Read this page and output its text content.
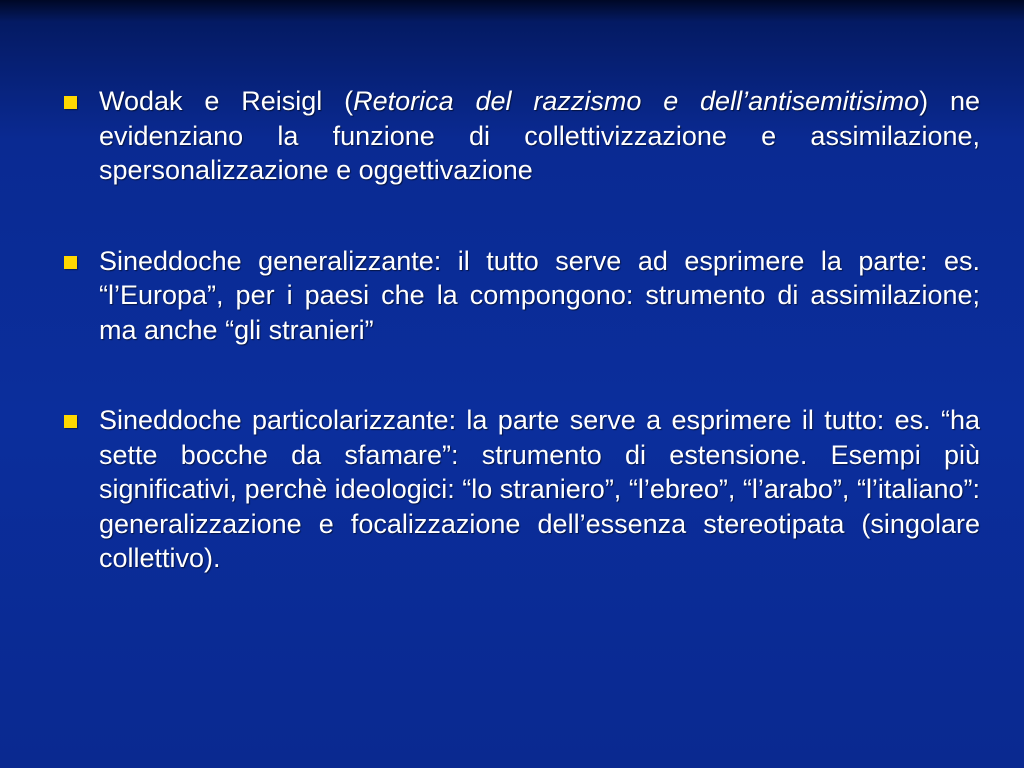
Wodak e Reisigl (Retorica del razzismo e dell’antisemitisimo) ne evidenziano la funzione di collettivizzazione e assimilazione, spersonalizzazione e oggettivazione
Sineddoche generalizzante: il tutto serve ad esprimere la parte: es. “l’Europa”, per i paesi che la compongono: strumento di assimilazione; ma anche “gli stranieri”
Sineddoche particolarizzante: la parte serve a esprimere il tutto: es. “ha sette bocche da sfamare”: strumento di estensione. Esempi più significativi, perchè ideologici: “lo straniero”, “l’ebreo”, “l’arabo”, “l’italiano”: generalizzazione e focalizzazione dell’essenza stereotipata (singolare collettivo).
